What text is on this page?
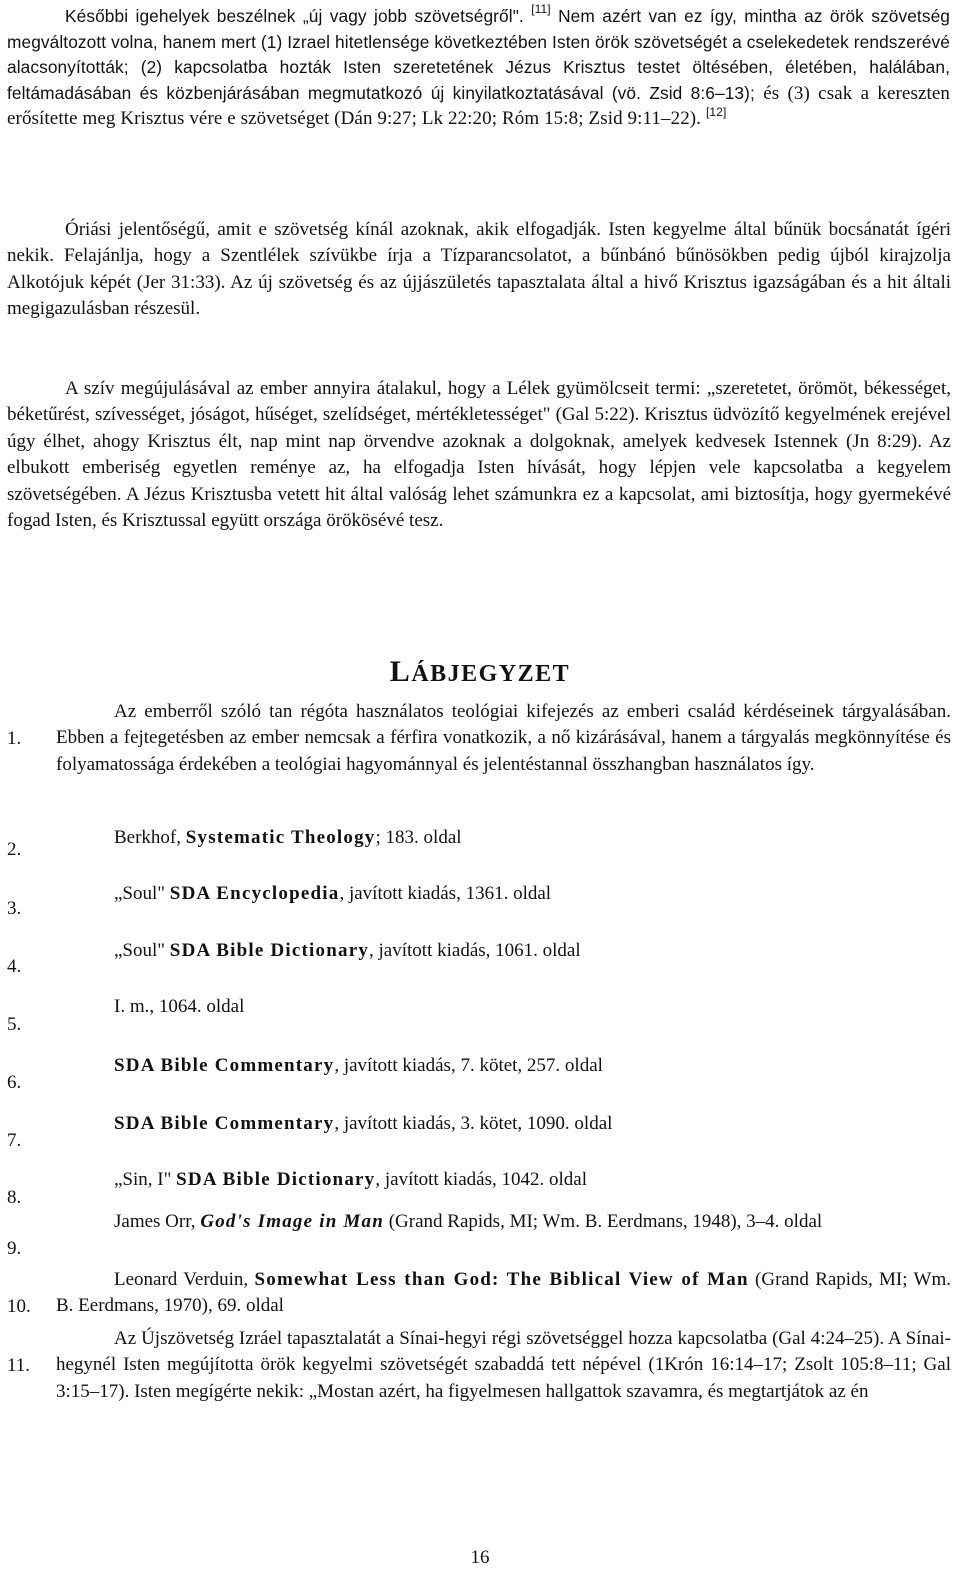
Későbbi igehelyek beszélnek „új vagy jobb szövetségről". [11] Nem azért van ez így, mintha az örök szövetség megváltozott volna, hanem mert (1) Izrael hitetlensége következtében Isten örök szövetségét a cselekedetek rendszerévé alacsonyították; (2) kapcsolatba hozták Isten szeretetének Jézus Krisztus testet öltésében, életében, halálában, feltámadásában és közbenjárásában megmutatkozó új kinyilatkoztatásával (vö. Zsid 8:6–13); és (3) csak a kereszten erősítette meg Krisztus vére e szövetséget (Dán 9:27; Lk 22:20; Róm 15:8; Zsid 9:11–22). [12]

Óriási jelentőségű, amit e szövetség kínál azoknak, akik elfogadják. Isten kegyelme által bűnük bocsánatát ígéri nekik. Felajánlja, hogy a Szentlélek szívükbe írja a Tízparancsolatot, a bűnbánó bűnösökben pedig újból kirajzolja Alkotójuk képét (Jer 31:33). Az új szövetség és az újjászületés tapasztalata által a hivő Krisztus igazságában és a hit általi megigazulásban részesül.

A szív megújulásával az ember annyira átalakul, hogy a Lélek gyümölcseit termi: „szeretetet, örömöt, békességet, béketűrést, szívességet, jóságot, hűséget, szelídséget, mértékletességet" (Gal 5:22). Krisztus üdvözítő kegyelmének erejével úgy élhet, ahogy Krisztus élt, nap mint nap örvendve azoknak a dolgoknak, amelyek kedvesek Istennek (Jn 8:29). Az elbukott emberiség egyetlen reménye az, ha elfogadja Isten hívását, hogy lépjen vele kapcsolatba a kegyelem szövetségében. A Jézus Krisztusba vetett hit által valóság lehet számunkra ez a kapcsolat, ami biztosítja, hogy gyermekévé fogad Isten, és Krisztussal együtt országa örökösévé tesz.

LÁBJEGYZET
1.

Az emberről szóló tan régóta használatos teológiai kifejezés az emberi család kérdéseinek tárgyalásában. Ebben a fejtegetésben az ember nemcsak a férfira vonatkozik, a nő kizárásával, hanem a tárgyalás megkönnyítése és folyamatossága érdekében a teológiai hagyománnyal és jelentéstannal összhangban használatos így.

2.
Berkhof, Systematic Theology; 183. oldal
3.
„Soul" SDA Encyclopedia, javított kiadás, 1361. oldal
4.
„Soul" SDA Bible Dictionary, javított kiadás, 1061. oldal
5.
I. m., 1064. oldal
6.
SDA Bible Commentary, javított kiadás, 7. kötet, 257. oldal
7.
SDA Bible Commentary, javított kiadás, 3. kötet, 1090. oldal
8.
„Sin, I" SDA Bible Dictionary, javított kiadás, 1042. oldal
9.

James Orr, God's Image in Man (Grand Rapids, MI; Wm. B. Eerdmans, 1948), 3–4. oldal

10.

Leonard Verduin, Somewhat Less than God: The Biblical View of Man (Grand Rapids, MI; Wm. B. Eerdmans, 1970), 69. oldal

11.

Az Újszövetség Izráel tapasztalatát a Sínai-hegyi régi szövetséggel hozza kapcsolatba (Gal 4:24–25). A Sínai-hegynél Isten megújította örök kegyelmi szövetségét szabaddá tett népével (1Krón 16:14–17; Zsolt 105:8–11; Gal 3:15–17). Isten megígérte nekik: „Mostan azért, ha figyelmesen hallgattok szavamra, és megtartjátok az én

16
